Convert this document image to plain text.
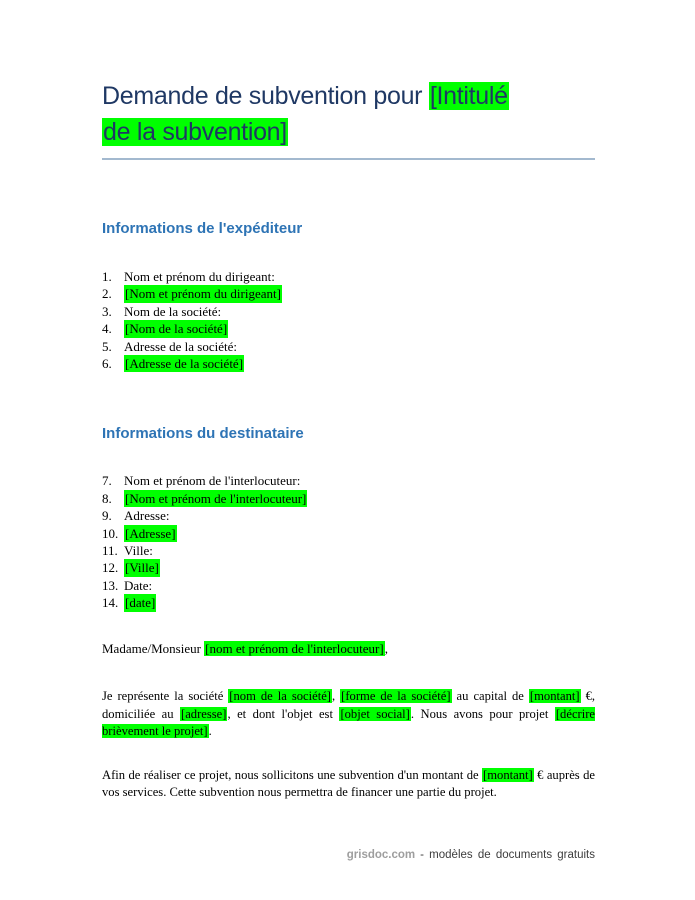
Demande de subvention pour [Intitulé
de la subvention]
Informations de l'expéditeur
1. Nom et prénom du dirigeant:
2.	[Nom et prénom du dirigeant]
3. Nom de la société:
4.	[Nom de la société]
5. Adresse de la société:
6.	[Adresse de la société]
Informations du destinataire
7. Nom et prénom de l'interlocuteur:
8.	[Nom et prénom de l'interlocuteur]
9. Adresse:
10. [Adresse]
11. Ville:
12. [Ville]
13. Date:
14. [date]

Madame/Monsieur [nom et prénom de l'interlocuteur],

Je représente la société [nom de la société], [forme de la société] au capital de [montant] €, domiciliée au [adresse], et dont l'objet est [objet social]. Nous avons pour projet [décrire brièvement le projet].

Afin de réaliser ce projet, nous sollicitons une subvention d'un montant de [montant] € auprès de vos services. Cette subvention nous permettra de financer une partie du projet.

grisdoc.com - modèles de documents gratuits
